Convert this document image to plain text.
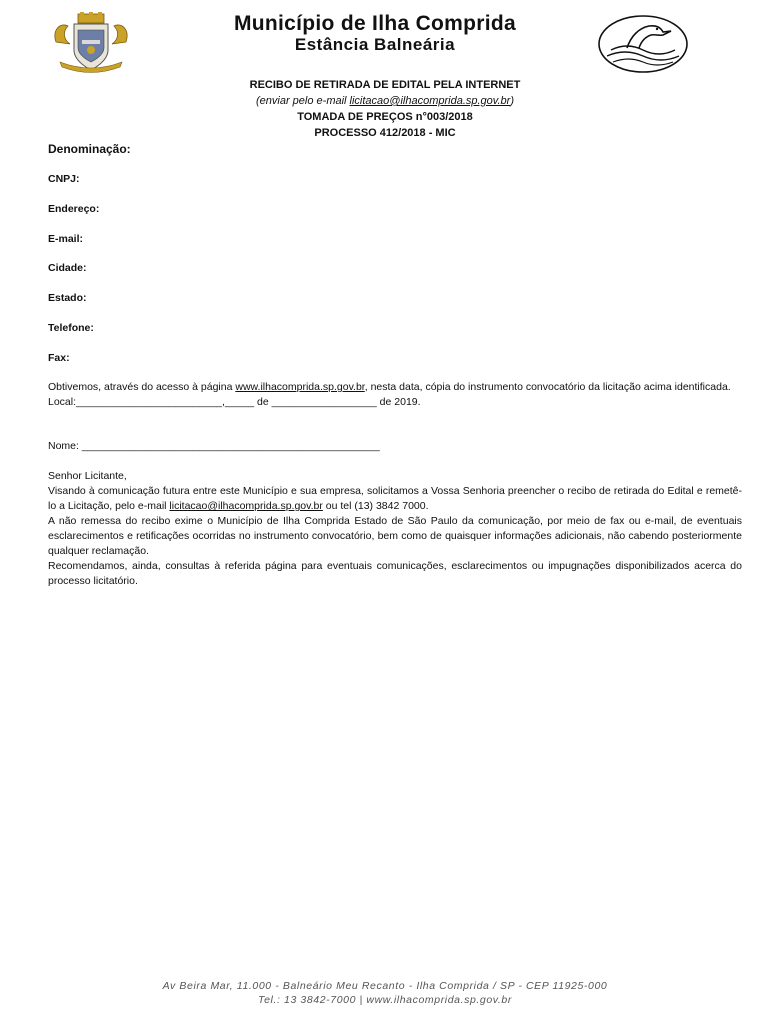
Município de Ilha Comprida
Estância Balneária
RECIBO DE RETIRADA DE EDITAL PELA INTERNET
(enviar pelo e-mail licitacao@ilhacomprida.sp.gov.br)
TOMADA DE PREÇOS n°003/2018
PROCESSO 412/2018 - MIC
Denominação:
CNPJ:
Endereço:
E-mail:
Cidade:
Estado:
Telefone:
Fax:

Obtivemos, através do acesso à página www.ilhacomprida.sp.gov.br, nesta data, cópia do instrumento convocatório da licitação acima identificada.

Local:_________________________,_____ de __________________ de 2019.

Nome: ___________________________________________________

Senhor Licitante,

Visando à comunicação futura entre este Município e sua empresa, solicitamos a Vossa Senhoria preencher o recibo de retirada do Edital e remetê-lo a Licitação, pelo e-mail licitacao@ilhacomprida.sp.gov.br ou tel (13) 3842 7000.

A não remessa do recibo exime o Município de Ilha Comprida Estado de São Paulo da comunicação, por meio de fax ou e-mail, de eventuais esclarecimentos e retificações ocorridas no instrumento convocatório, bem como de quaisquer informações adicionais, não cabendo posteriormente qualquer reclamação.

Recomendamos, ainda, consultas à referida página para eventuais comunicações, esclarecimentos ou impugnações disponibilizados acerca do processo licitatório.

Av Beira Mar, 11.000 - Balneário Meu Recanto - Ilha Comprida / SP - CEP 11925-000
Tel.: 13 3842-7000 | www.ilhacomprida.sp.gov.br
